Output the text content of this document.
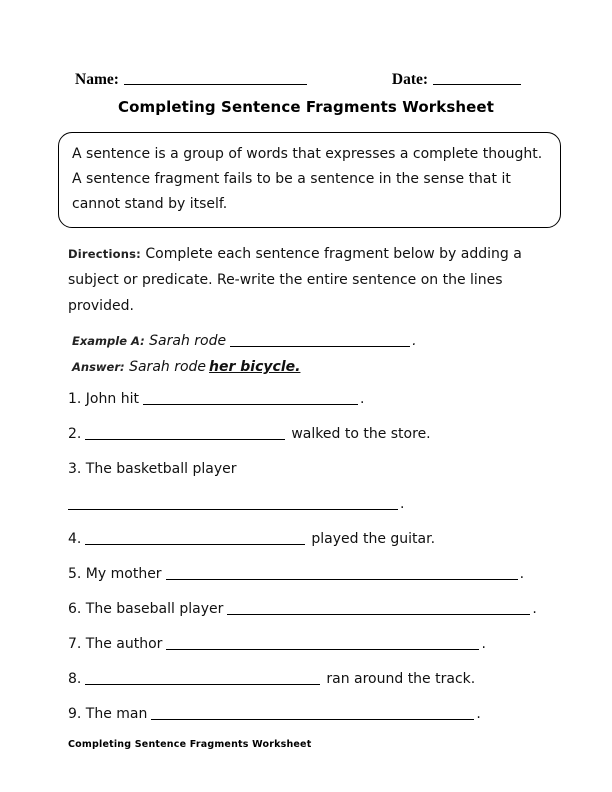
Name:	Date:
Completing Sentence Fragments Worksheet
A sentence is a group of words that expresses a complete thought. A sentence fragment fails to be a sentence in the sense that it cannot stand by itself.

Directions: Complete each sentence fragment below by adding a subject or predicate. Re-write the entire sentence on the lines provided.

Example A: Sarah rode	.

Answer: Sarah rode her bicycle.

1. John hit	.
2.	walked to the store.
3. The basketball player
.
4.	played the guitar.
5. My mother	.
6. The baseball player	.
7. The author	.
8.	ran around the track.
9. The man	.
Completing Sentence Fragments Worksheet
